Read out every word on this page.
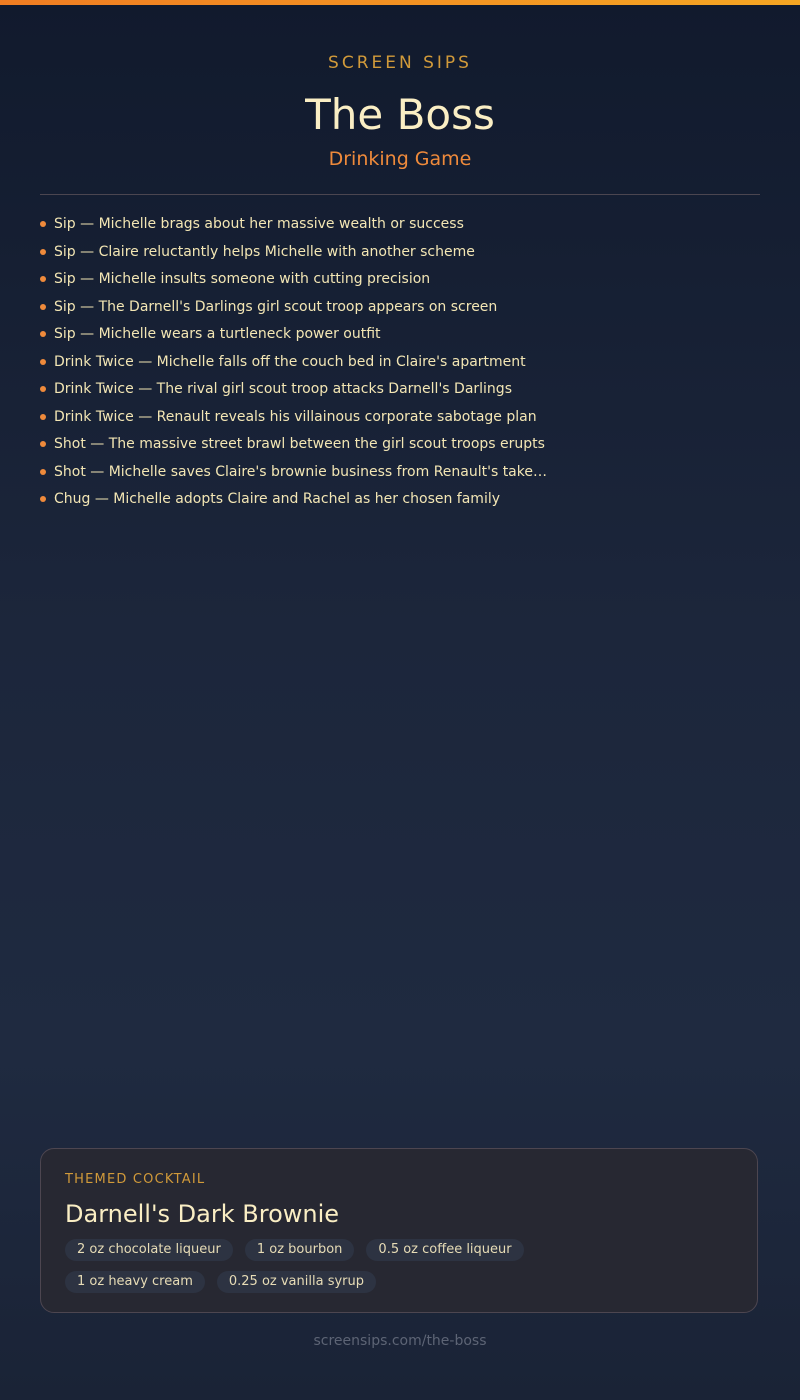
SCREEN SIPS
The Boss
Drinking Game
Sip — Michelle brags about her massive wealth or success
Sip — Claire reluctantly helps Michelle with another scheme
Sip — Michelle insults someone with cutting precision
Sip — The Darnell's Darlings girl scout troop appears on screen
Sip — Michelle wears a turtleneck power outfit
Drink Twice — Michelle falls off the couch bed in Claire's apartment
Drink Twice — The rival girl scout troop attacks Darnell's Darlings
Drink Twice — Renault reveals his villainous corporate sabotage plan
Shot — The massive street brawl between the girl scout troops erupts
Shot — Michelle saves Claire's brownie business from Renault's take…
Chug — Michelle adopts Claire and Rachel as her chosen family
THEMED COCKTAIL
Darnell's Dark Brownie
2 oz chocolate liqueur	1 oz bourbon	0.5 oz coffee liqueur
1 oz heavy cream	0.25 oz vanilla syrup
screensips.com/the-boss
